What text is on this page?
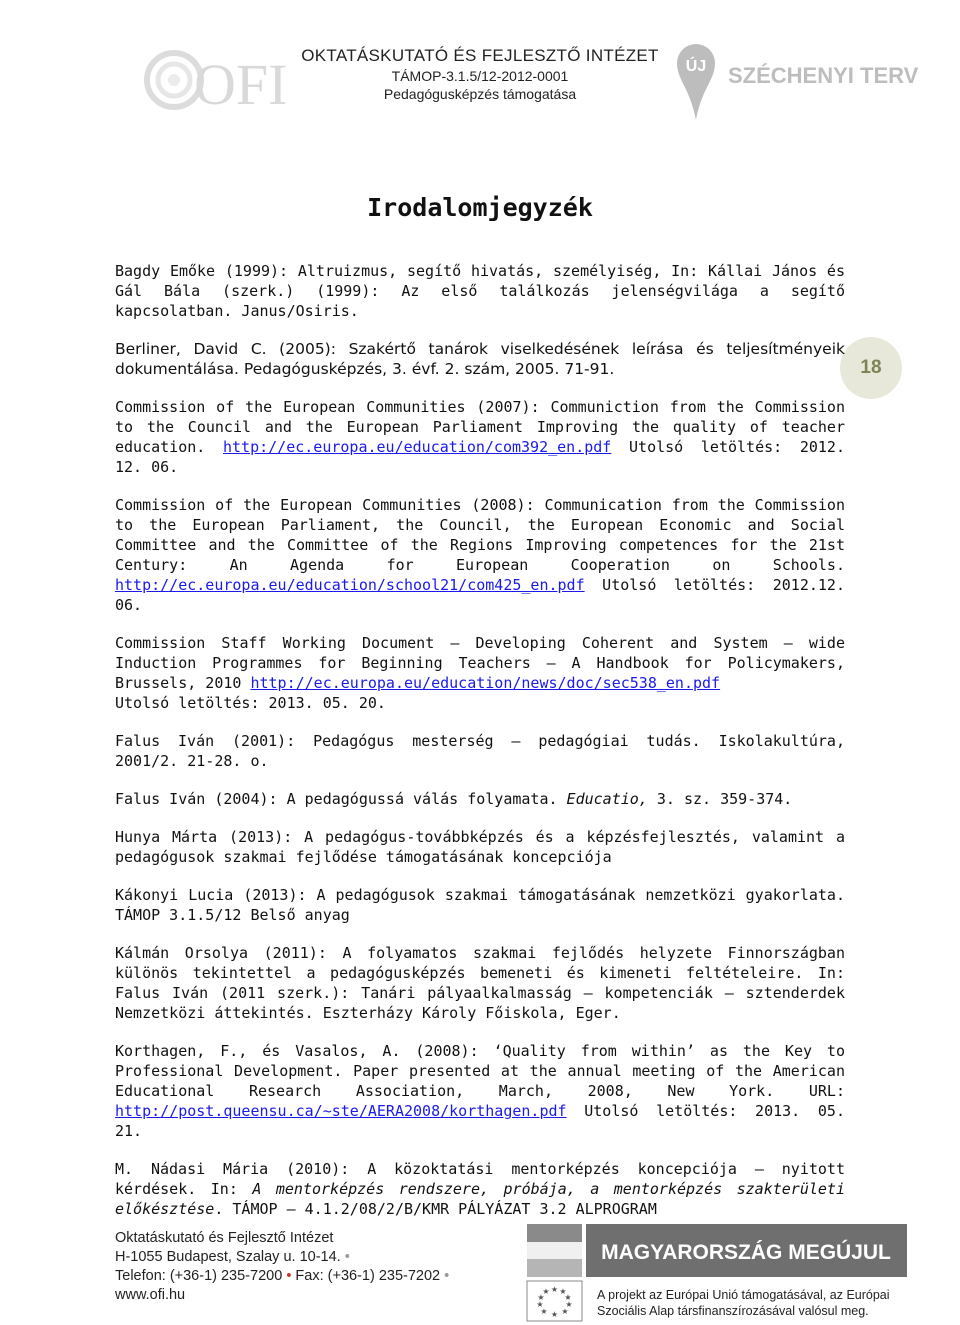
OFI OKTATÁSKUTATÓ ÉS FEJLESZTŐ INTÉZET
TÁMOP-3.1.5/12-2012-0001
Pedagógusképzés támogatása
ÚJ SZÉCHENYI TERV
Irodalomjegyzék
18

Bagdy Emőke (1999): Altruizmus, segítő hivatás, személyiség, In: Kállai János és Gál Bála (szerk.) (1999): Az első találkozás jelenségvilága a segítő kapcsolatban. Janus/Osiris.

Berliner, David C. (2005): Szakértő tanárok viselkedésének leírása és teljesítményeik dokumentálása. Pedagógusképzés, 3. évf. 2. szám, 2005. 71-91.

Commission of the European Communities (2007): Communiction from the Commission to the Council and the European Parliament Improving the quality of teacher education. http://ec.europa.eu/education/com392_en.pdf Utolsó letöltés: 2012. 12. 06.

Commission of the European Communities (2008): Communication from the Commission to the European Parliament, the Council, the European Economic and Social Committee and the Committee of the Regions Improving competences for the 21st Century: An Agenda for European Cooperation on Schools. http://ec.europa.eu/education/school21/com425_en.pdf Utolsó letöltés: 2012.12. 06.

Commission Staff Working Document – Developing Coherent and System – wide Induction Programmes for Beginning Teachers – A Handbook for Policymakers, Brussels, 2010 http://ec.europa.eu/education/news/doc/sec538_en.pdf
Utolsó letöltés: 2013. 05. 20.

Falus Iván (2001): Pedagógus mesterség – pedagógiai tudás. Iskolakultúra, 2001/2. 21-28. o.

Falus Iván (2004): A pedagógussá válás folyamata. Educatio, 3. sz. 359-374.

Hunya Márta (2013): A pedagógus-továbbképzés és a képzésfejlesztés, valamint a pedagógusok szakmai fejlődése támogatásának koncepciója

Kákonyi Lucia (2013): A pedagógusok szakmai támogatásának nemzetközi gyakorlata. TÁMOP 3.1.5/12 Belső anyag

Kálmán Orsolya (2011): A folyamatos szakmai fejlődés helyzete Finnországban különös tekintettel a pedagógusképzés bemeneti és kimeneti feltételeire. In: Falus Iván (2011 szerk.): Tanári pályaalkalmasság – kompetenciák – sztenderdek Nemzetközi áttekintés. Eszterházy Károly Főiskola, Eger.

Korthagen, F., és Vasalos, A. (2008): ‘Quality from within’ as the Key to Professional Development. Paper presented at the annual meeting of the American Educational Research Association, March, 2008, New York. URL: http://post.queensu.ca/~ste/AERA2008/korthagen.pdf Utolsó letöltés: 2013. 05. 21.

M. Nádasi Mária (2010): A közoktatási mentorképzés koncepciója – nyitott kérdések. In: A mentorképzés rendszere, próbája, a mentorképzés szakterületi előkésztése. TÁMOP – 4.1.2/08/2/B/KMR PÁLYÁZAT 3.2 ALPROGRAM

Oktatáskutató és Fejlesztő Intézet
H-1055 Budapest, Szalay u. 10-14. •
Telefon: (+36-1) 235-7200 • Fax: (+36-1) 235-7202 •
www.ofi.hu
MAGYARORSZÁG MEGÚJUL
★ ★
★
★
★
★
★
★
★
★	A projekt az Európai Unió támogatásával, az Európai
Szociális Alap társfinanszírozásával valósul meg.
